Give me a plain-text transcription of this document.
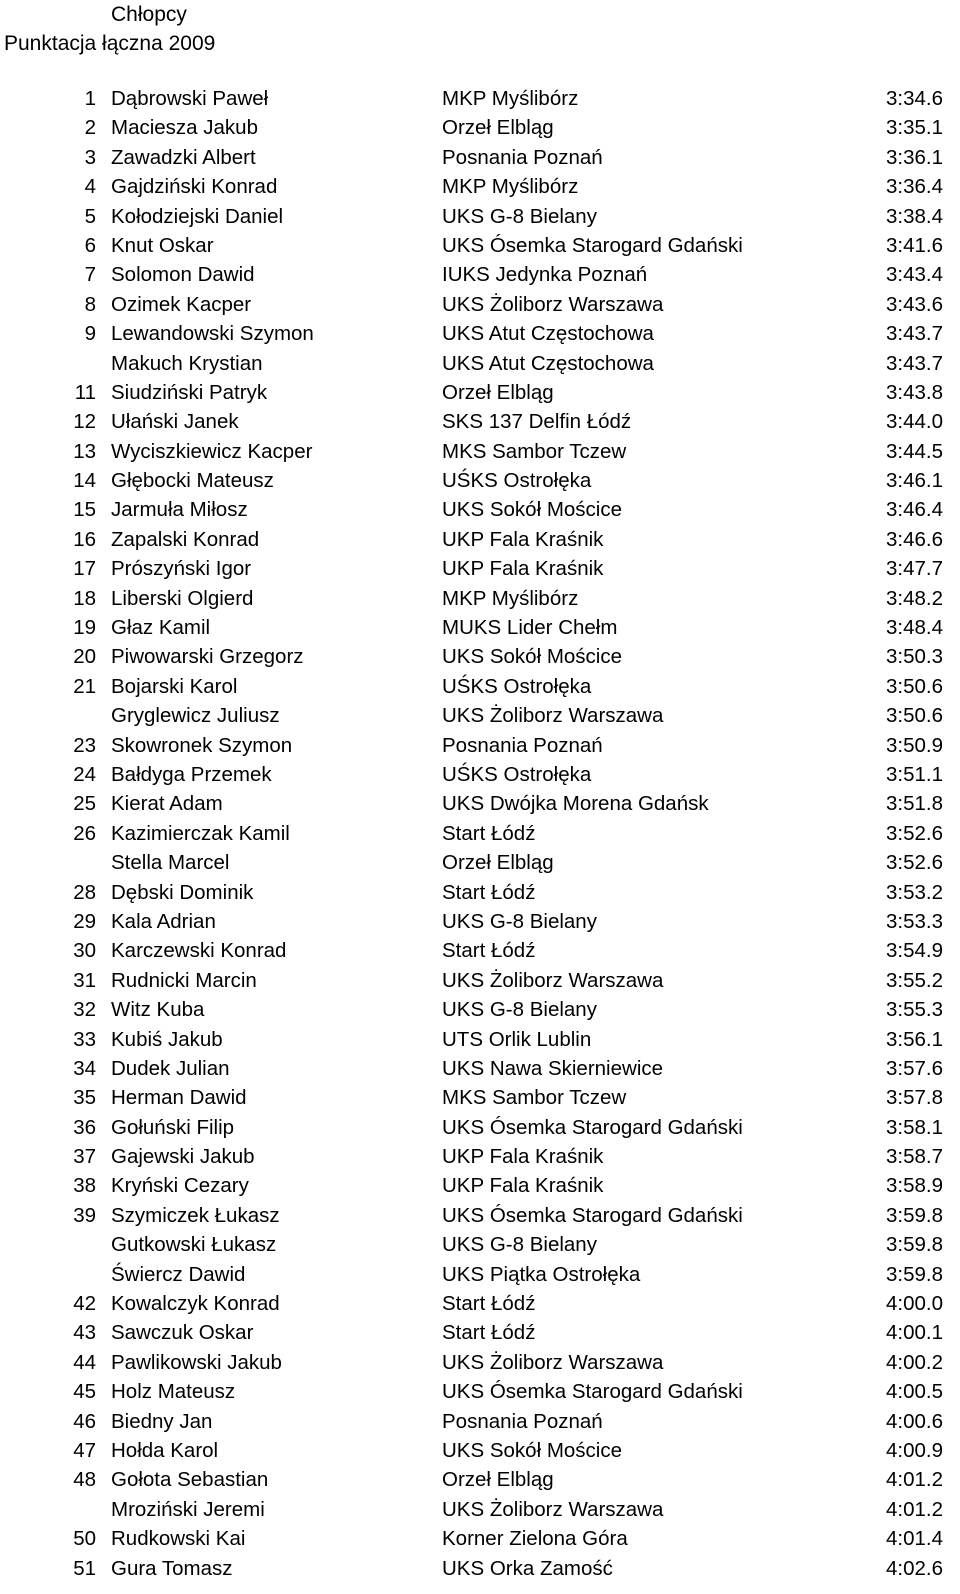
Chłopcy
Punktacja łączna 2009
1 Dąbrowski Paweł	MKP Myślibórz	3:34.6
2 Maciesza Jakub	Orzeł Elbląg	3:35.1
3 Zawadzki Albert	Posnania Poznań	3:36.1
4 Gajdziński Konrad	MKP Myślibórz	3:36.4
5 Kołodziejski Daniel	UKS G-8 Bielany	3:38.4
6 Knut Oskar	UKS Ósemka Starogard Gdański	3:41.6
7 Solomon Dawid	IUKS Jedynka Poznań	3:43.4
8 Ozimek Kacper	UKS Żoliborz Warszawa	3:43.6
9 Lewandowski Szymon	UKS Atut Częstochowa	3:43.7
Makuch Krystian	UKS Atut Częstochowa	3:43.7
11 Siudziński Patryk	Orzeł Elbląg	3:43.8
12 Ułański Janek	SKS 137 Delfin Łódź	3:44.0
13 Wyciszkiewicz Kacper	MKS Sambor Tczew	3:44.5
14 Głębocki Mateusz	UŚKS Ostrołęka	3:46.1
15 Jarmuła Miłosz	UKS Sokół Mościce	3:46.4
16 Zapalski Konrad	UKP Fala Kraśnik	3:46.6
17 Prószyński Igor	UKP Fala Kraśnik	3:47.7
18 Liberski Olgierd	MKP Myślibórz	3:48.2
19 Głaz Kamil	MUKS Lider Chełm	3:48.4
20 Piwowarski Grzegorz	UKS Sokół Mościce	3:50.3
21 Bojarski Karol	UŚKS Ostrołęka	3:50.6
Gryglewicz Juliusz	UKS Żoliborz Warszawa	3:50.6
23 Skowronek Szymon	Posnania Poznań	3:50.9
24 Bałdyga Przemek	UŚKS Ostrołęka	3:51.1
25 Kierat Adam	UKS Dwójka Morena Gdańsk	3:51.8
26 Kazimierczak Kamil	Start Łódź	3:52.6
Stella Marcel	Orzeł Elbląg	3:52.6
28 Dębski Dominik	Start Łódź	3:53.2
29 Kala Adrian	UKS G-8 Bielany	3:53.3
30 Karczewski Konrad	Start Łódź	3:54.9
31 Rudnicki Marcin	UKS Żoliborz Warszawa	3:55.2
32 Witz Kuba	UKS G-8 Bielany	3:55.3
33 Kubiś Jakub	UTS Orlik Lublin	3:56.1
34 Dudek Julian	UKS Nawa Skierniewice	3:57.6
35 Herman Dawid	MKS Sambor Tczew	3:57.8
36 Gołuński Filip	UKS Ósemka Starogard Gdański	3:58.1
37 Gajewski Jakub	UKP Fala Kraśnik	3:58.7
38 Kryński Cezary	UKP Fala Kraśnik	3:58.9
39 Szymiczek Łukasz	UKS Ósemka Starogard Gdański	3:59.8
Gutkowski Łukasz	UKS G-8 Bielany	3:59.8
Świercz Dawid	UKS Piątka Ostrołęka	3:59.8
42 Kowalczyk Konrad	Start Łódź	4:00.0
43 Sawczuk Oskar	Start Łódź	4:00.1
44 Pawlikowski Jakub	UKS Żoliborz Warszawa	4:00.2
45 Holz Mateusz	UKS Ósemka Starogard Gdański	4:00.5
46 Biedny Jan	Posnania Poznań	4:00.6
47 Hołda Karol	UKS Sokół Mościce	4:00.9
48 Gołota Sebastian	Orzeł Elbląg	4:01.2
Mroziński Jeremi	UKS Żoliborz Warszawa	4:01.2
50 Rudkowski Kai	Korner Zielona Góra	4:01.4
51 Gura Tomasz	UKS Orka Zamość	4:02.6
